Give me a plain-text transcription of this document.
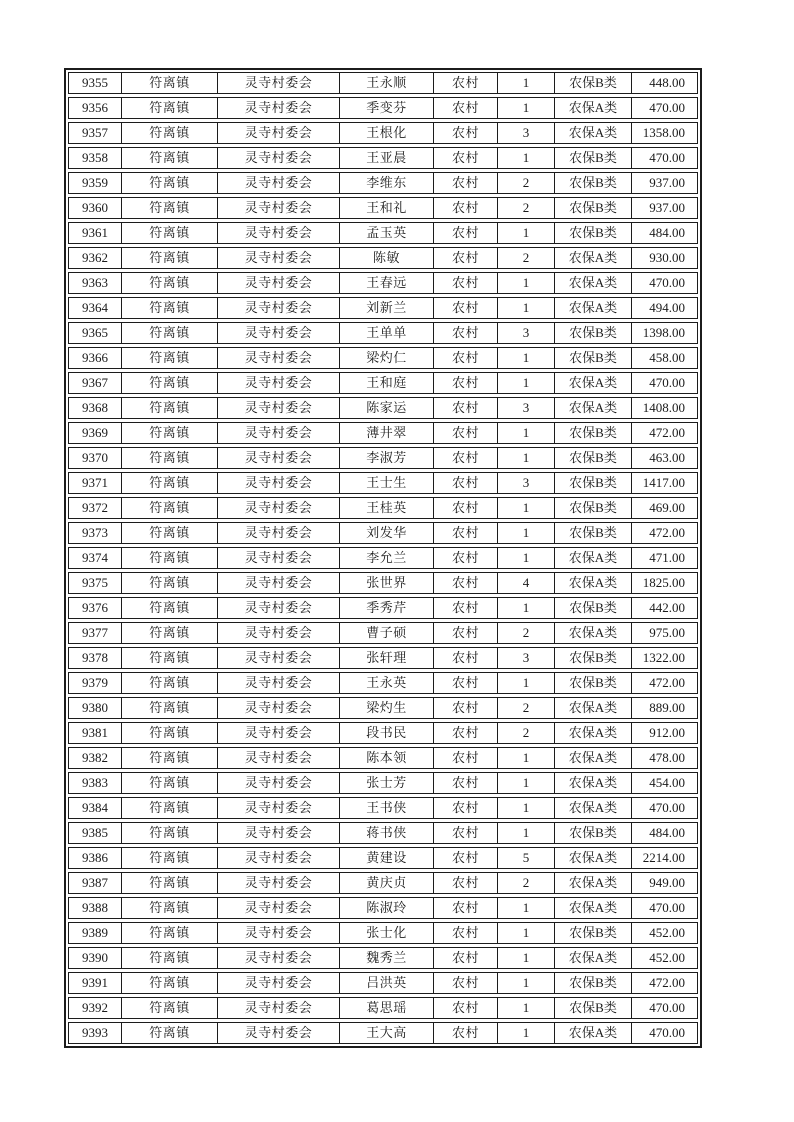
9355	符离镇	灵寺村委会	王永顺	农村	1	农保B类	448.00
9356	符离镇	灵寺村委会	季变芬	农村	1	农保A类	470.00
9357	符离镇	灵寺村委会	王根化	农村	3	农保A类	1358.00
9358	符离镇	灵寺村委会	王亚晨	农村	1	农保B类	470.00
9359	符离镇	灵寺村委会	李维东	农村	2	农保B类	937.00
9360	符离镇	灵寺村委会	王和礼	农村	2	农保B类	937.00
9361	符离镇	灵寺村委会	孟玉英	农村	1	农保B类	484.00
9362	符离镇	灵寺村委会	陈敏	农村	2	农保A类	930.00
9363	符离镇	灵寺村委会	王春远	农村	1	农保A类	470.00
9364	符离镇	灵寺村委会	刘新兰	农村	1	农保A类	494.00
9365	符离镇	灵寺村委会	王单单	农村	3	农保B类	1398.00
9366	符离镇	灵寺村委会	梁灼仁	农村	1	农保B类	458.00
9367	符离镇	灵寺村委会	王和庭	农村	1	农保A类	470.00
9368	符离镇	灵寺村委会	陈家运	农村	3	农保A类	1408.00
9369	符离镇	灵寺村委会	薄井翠	农村	1	农保B类	472.00
9370	符离镇	灵寺村委会	李淑芳	农村	1	农保B类	463.00
9371	符离镇	灵寺村委会	王士生	农村	3	农保B类	1417.00
9372	符离镇	灵寺村委会	王桂英	农村	1	农保B类	469.00
9373	符离镇	灵寺村委会	刘发华	农村	1	农保B类	472.00
9374	符离镇	灵寺村委会	李允兰	农村	1	农保A类	471.00
9375	符离镇	灵寺村委会	张世界	农村	4	农保A类	1825.00
9376	符离镇	灵寺村委会	季秀芹	农村	1	农保B类	442.00
9377	符离镇	灵寺村委会	曹子硕	农村	2	农保A类	975.00
9378	符离镇	灵寺村委会	张轩理	农村	3	农保B类	1322.00
9379	符离镇	灵寺村委会	王永英	农村	1	农保B类	472.00
9380	符离镇	灵寺村委会	梁灼生	农村	2	农保A类	889.00
9381	符离镇	灵寺村委会	段书民	农村	2	农保A类	912.00
9382	符离镇	灵寺村委会	陈本领	农村	1	农保A类	478.00
9383	符离镇	灵寺村委会	张士芳	农村	1	农保A类	454.00
9384	符离镇	灵寺村委会	王书侠	农村	1	农保A类	470.00
9385	符离镇	灵寺村委会	蒋书侠	农村	1	农保B类	484.00
9386	符离镇	灵寺村委会	黄建设	农村	5	农保A类	2214.00
9387	符离镇	灵寺村委会	黄庆贞	农村	2	农保A类	949.00
9388	符离镇	灵寺村委会	陈淑玲	农村	1	农保A类	470.00
9389	符离镇	灵寺村委会	张士化	农村	1	农保B类	452.00
9390	符离镇	灵寺村委会	魏秀兰	农村	1	农保A类	452.00
9391	符离镇	灵寺村委会	吕洪英	农村	1	农保B类	472.00
9392	符离镇	灵寺村委会	葛思瑶	农村	1	农保B类	470.00
9393	符离镇	灵寺村委会	王大高	农村	1	农保A类	470.00
